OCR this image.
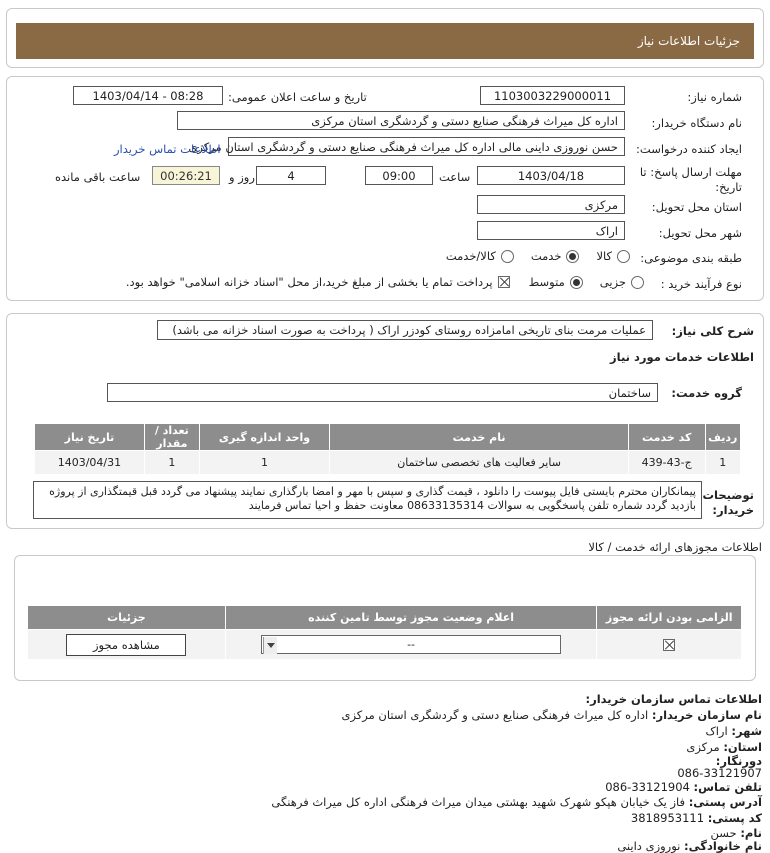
جزئیات اطلاعات نیاز
شماره نیاز:
1103003229000011
تاریخ و ساعت اعلان عمومی:
1403/04/14 - 08:28
نام دستگاه خریدار:
اداره کل میراث فرهنگی صنایع دستی و گردشگری استان مرکزی
ایجاد کننده درخواست:
حسن نوروزی داینی مالی اداره کل میراث فرهنگی صنایع دستی و گردشگری استان مرکزی
اطلاعات تماس خریدار
مهلت ارسال پاسخ: تا
تاریخ:
1403/04/18
ساعت
09:00
4
روز و
00:26:21
ساعت باقی مانده
استان محل تحویل:
مرکزی
شهر محل تحویل:
اراک
طبقه بندی موضوعی:
کالا
خدمت
کالا/خدمت
نوع فرآیند خرید :
جزیی
متوسط
پرداخت تمام یا بخشی از مبلغ خرید،از محل "اسناد خزانه اسلامی" خواهد بود.
شرح کلی نیاز:
عملیات مرمت بنای تاریخی امامزاده روستای کودزر اراک ( پرداخت به صورت اسناد خزانه می باشد)
اطلاعات خدمات مورد نیاز
گروه خدمت:
ساختمان
ردیف	کد خدمت	نام خدمت	واحد اندازه گیری	تعداد / مقدار	تاریخ نیاز
1	ج-43-439	سایر فعالیت های تخصصی ساختمان	1	1	1403/04/31
توضیحات
خریدار:
پیمانکاران محترم بایستی فایل پیوست را دانلود ، قیمت گذاری و سپس با مهر و امضا بارگذاری نمایند پیشنهاد می گردد قبل قیمتگذاری از پروژه بازدید گردد شماره تلفن پاسخگویی به سوالات 08633135314 معاونت حفظ و احیا تماس فرمایند
اطلاعات مجوزهای ارائه خدمت / کالا
الزامی بودن ارائه مجوز	اعلام وضعیت مجوز توسط تامین کننده	جزئیات

	--	مشاهده مجوز
اطلاعات تماس سازمان خریدار:
نام سازمان خریدار: اداره کل میراث فرهنگی صنایع دستی و گردشگری استان مرکزی
شهر: اراک
استان: مرکزی
دورنگار:
086-33121907
تلفن تماس: 086-33121904
آدرس پستی: فاز یک خیابان هپکو شهرک شهید بهشتی میدان میراث فرهنگی اداره کل میراث فرهنگی
کد پستی: 3818953111
نام: حسن
نام خانوادگی: نوروزی داینی
